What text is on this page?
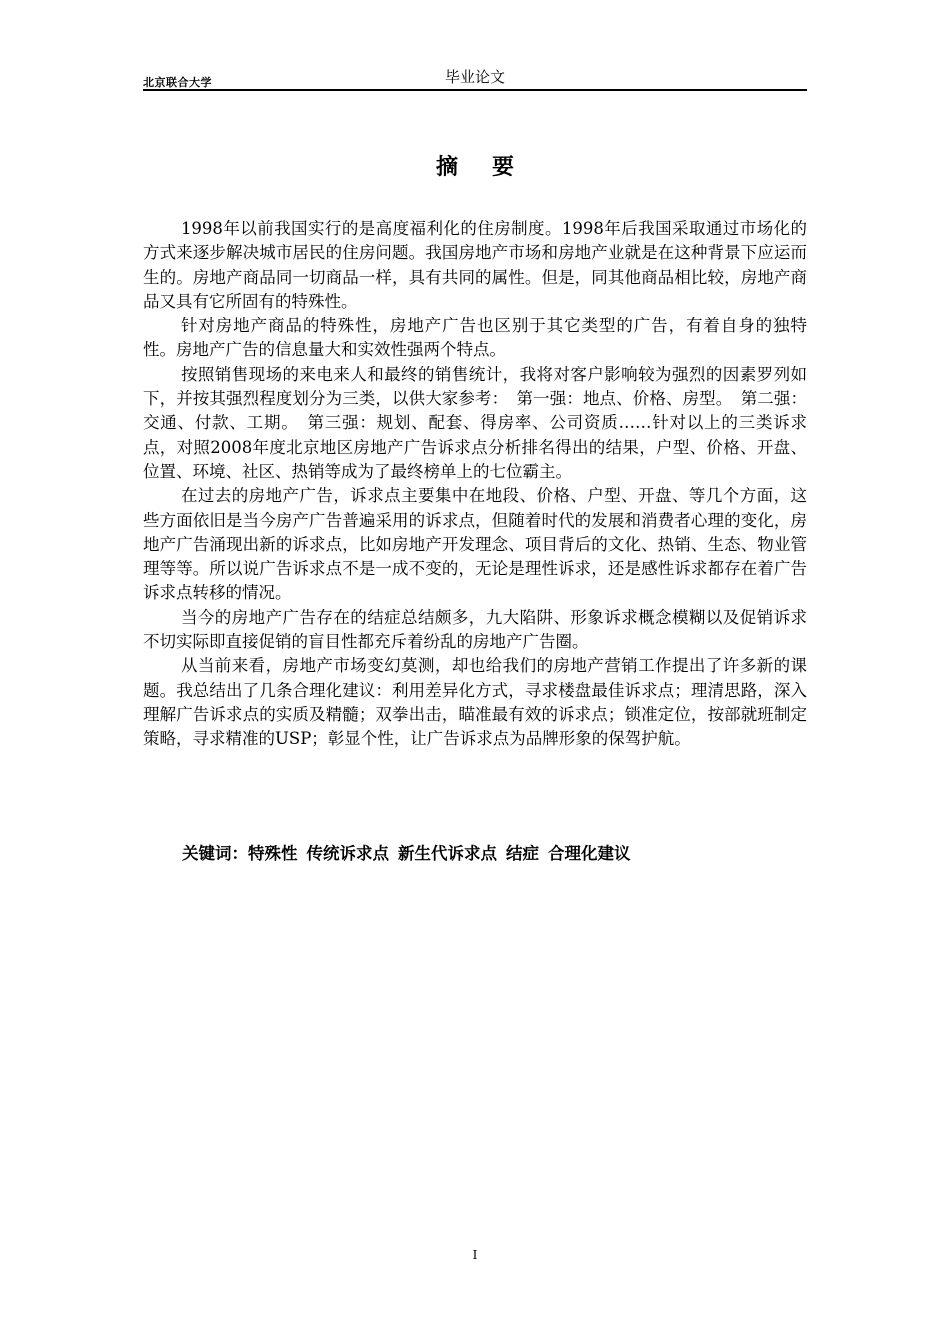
北京联合大学	毕业论文
摘要

1998年以前我国实行的是高度福利化的住房制度。1998年后我国采取通过市场化的方式来逐步解决城市居民的住房问题。我国房地产市场和房地产业就是在这种背景下应运而生的。房地产商品同一切商品一样，具有共同的属性。但是，同其他商品相比较，房地产商品又具有它所固有的特殊性。

针对房地产商品的特殊性，房地产广告也区别于其它类型的广告，有着自身的独特性。房地产广告的信息量大和实效性强两个特点。

按照销售现场的来电来人和最终的销售统计，我将对客户影响较为强烈的因素罗列如下，并按其强烈程度划分为三类，以供大家参考：　第一强：地点、价格、房型。　第二强：交通、付款、工期。　第三强：规划、配套、得房率、公司资质……针对以上的三类诉求点，对照2008年度北京地区房地产广告诉求点分析排名得出的结果，户型、价格、开盘、位置、环境、社区、热销等成为了最终榜单上的七位霸主。

在过去的房地产广告，诉求点主要集中在地段、价格、户型、开盘、等几个方面，这些方面依旧是当今房产广告普遍采用的诉求点，但随着时代的发展和消费者心理的变化，房地产广告涌现出新的诉求点，比如房地产开发理念、项目背后的文化、热销、生态、物业管理等等。所以说广告诉求点不是一成不变的，无论是理性诉求，还是感性诉求都存在着广告诉求点转移的情况。

当今的房地产广告存在的结症总结颇多，九大陷阱、形象诉求概念模糊以及促销诉求不切实际即直接促销的盲目性都充斥着纷乱的房地产广告圈。

从当前来看，房地产市场变幻莫测，却也给我们的房地产营销工作提出了许多新的课题。我总结出了几条合理化建议：利用差异化方式，寻求楼盘最佳诉求点；理清思路，深入理解广告诉求点的实质及精髓；双拳出击，瞄准最有效的诉求点；锁准定位，按部就班制定策略，寻求精准的USP；彰显个性，让广告诉求点为品牌形象的保驾护航。

关键词：特殊性 传统诉求点 新生代诉求点 结症 合理化建议
I
